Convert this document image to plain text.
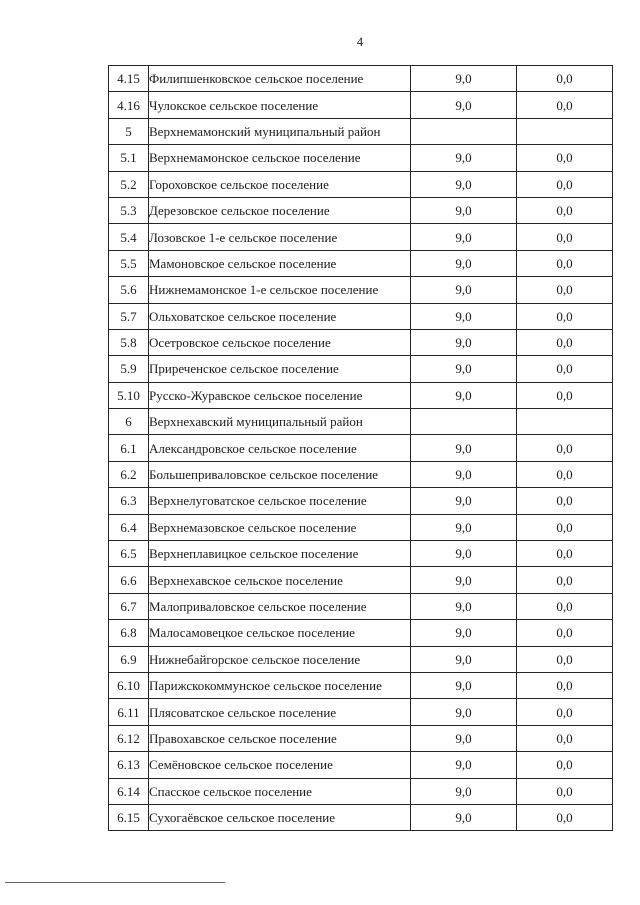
4
4.15	Филипшенковское сельское поселение	9,0	0,0
4.16	Чулокское сельское поселение	9,0	0,0
5	Верхнемамонский муниципальный район		
5.1	Верхнемамонское сельское поселение	9,0	0,0
5.2	Гороховское сельское поселение	9,0	0,0
5.3	Дерезовское сельское поселение	9,0	0,0
5.4	Лозовское 1-е сельское поселение	9,0	0,0
5.5	Мамоновское сельское поселение	9,0	0,0
5.6	Нижнемамонское 1-е сельское поселение	9,0	0,0
5.7	Ольховатское сельское поселение	9,0	0,0
5.8	Осетровское сельское поселение	9,0	0,0
5.9	Приреченское сельское поселение	9,0	0,0
5.10	Русско-Журавское сельское поселение	9,0	0,0
6	Верхнехавский муниципальный район		
6.1	Александровское сельское поселение	9,0	0,0
6.2	Большеприваловское сельское поселение	9,0	0,0
6.3	Верхнелуговатское сельское поселение	9,0	0,0
6.4	Верхнемазовское сельское поселение	9,0	0,0
6.5	Верхнеплавицкое сельское поселение	9,0	0,0
6.6	Верхнехавское сельское поселение	9,0	0,0
6.7	Малоприваловское сельское поселение	9,0	0,0
6.8	Малосамовецкое сельское поселение	9,0	0,0
6.9	Нижнебайгорское сельское поселение	9,0	0,0
6.10	Парижскокоммунское сельское поселение	9,0	0,0
6.11	Плясоватское сельское поселение	9,0	0,0
6.12	Правохавское сельское поселение	9,0	0,0
6.13	Семёновское сельское поселение	9,0	0,0
6.14	Спасское сельское поселение	9,0	0,0
6.15	Сухогаёвское сельское поселение	9,0	0,0
